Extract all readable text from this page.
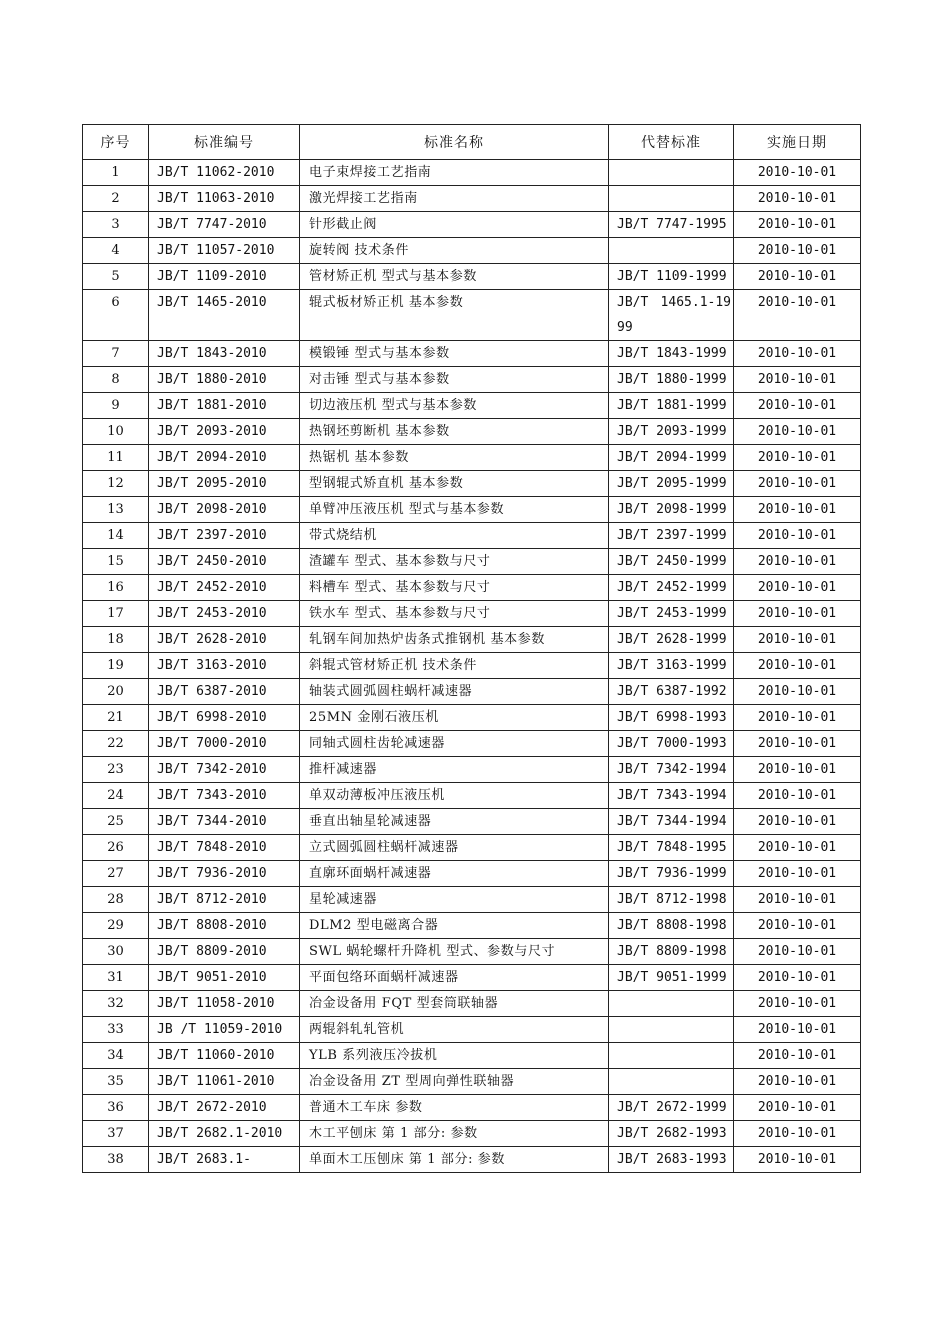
序号	标准编号	标准名称	代替标准	实施日期
1	JB/T 11062-2010	电子束焊接工艺指南		2010-10-01
2	JB/T 11063-2010	激光焊接工艺指南		2010-10-01
3	JB/T 7747-2010	针形截止阀	JB/T 7747-1995	2010-10-01
4	JB/T 11057-2010	旋转阀 技术条件		2010-10-01
5	JB/T 1109-2010	管材矫正机 型式与基本参数	JB/T 1109-1999	2010-10-01
6	JB/T 1465-2010	辊式板材矫正机 基本参数	JB/T 1465.1-1999	2010-10-01
7	JB/T 1843-2010	模锻锤 型式与基本参数	JB/T 1843-1999	2010-10-01
8	JB/T 1880-2010	对击锤 型式与基本参数	JB/T 1880-1999	2010-10-01
9	JB/T 1881-2010	切边液压机 型式与基本参数	JB/T 1881-1999	2010-10-01
10	JB/T 2093-2010	热钢坯剪断机 基本参数	JB/T 2093-1999	2010-10-01
11	JB/T 2094-2010	热锯机 基本参数	JB/T 2094-1999	2010-10-01
12	JB/T 2095-2010	型钢辊式矫直机 基本参数	JB/T 2095-1999	2010-10-01
13	JB/T 2098-2010	单臂冲压液压机 型式与基本参数	JB/T 2098-1999	2010-10-01
14	JB/T 2397-2010	带式烧结机	JB/T 2397-1999	2010-10-01
15	JB/T 2450-2010	渣罐车 型式、基本参数与尺寸	JB/T 2450-1999	2010-10-01
16	JB/T 2452-2010	料槽车 型式、基本参数与尺寸	JB/T 2452-1999	2010-10-01
17	JB/T 2453-2010	铁水车 型式、基本参数与尺寸	JB/T 2453-1999	2010-10-01
18	JB/T 2628-2010	轧钢车间加热炉齿条式推钢机 基本参数	JB/T 2628-1999	2010-10-01
19	JB/T 3163-2010	斜辊式管材矫正机 技术条件	JB/T 3163-1999	2010-10-01
20	JB/T 6387-2010	轴装式圆弧圆柱蜗杆减速器	JB/T 6387-1992	2010-10-01
21	JB/T 6998-2010	25MN 金刚石液压机	JB/T 6998-1993	2010-10-01
22	JB/T 7000-2010	同轴式圆柱齿轮减速器	JB/T 7000-1993	2010-10-01
23	JB/T 7342-2010	推杆减速器	JB/T 7342-1994	2010-10-01
24	JB/T 7343-2010	单双动薄板冲压液压机	JB/T 7343-1994	2010-10-01
25	JB/T 7344-2010	垂直出轴星轮减速器	JB/T 7344-1994	2010-10-01
26	JB/T 7848-2010	立式圆弧圆柱蜗杆减速器	JB/T 7848-1995	2010-10-01
27	JB/T 7936-2010	直廓环面蜗杆减速器	JB/T 7936-1999	2010-10-01
28	JB/T 8712-2010	星轮减速器	JB/T 8712-1998	2010-10-01
29	JB/T 8808-2010	DLM2 型电磁离合器	JB/T 8808-1998	2010-10-01
30	JB/T 8809-2010	SWL 蜗轮螺杆升降机 型式、参数与尺寸	JB/T 8809-1998	2010-10-01
31	JB/T 9051-2010	平面包络环面蜗杆减速器	JB/T 9051-1999	2010-10-01
32	JB/T 11058-2010	冶金设备用 FQT 型套筒联轴器		2010-10-01
33	JB /T 11059-2010	两辊斜轧轧管机		2010-10-01
34	JB/T 11060-2010	YLB 系列液压冷拔机		2010-10-01
35	JB/T 11061-2010	冶金设备用 ZT 型周向弹性联轴器		2010-10-01
36	JB/T 2672-2010	普通木工车床 参数	JB/T 2672-1999	2010-10-01
37	JB/T 2682.1-2010	木工平刨床 第 1 部分: 参数	JB/T 2682-1993	2010-10-01
38	JB/T 2683.1-	单面木工压刨床 第 1 部分: 参数	JB/T 2683-1993	2010-10-01
